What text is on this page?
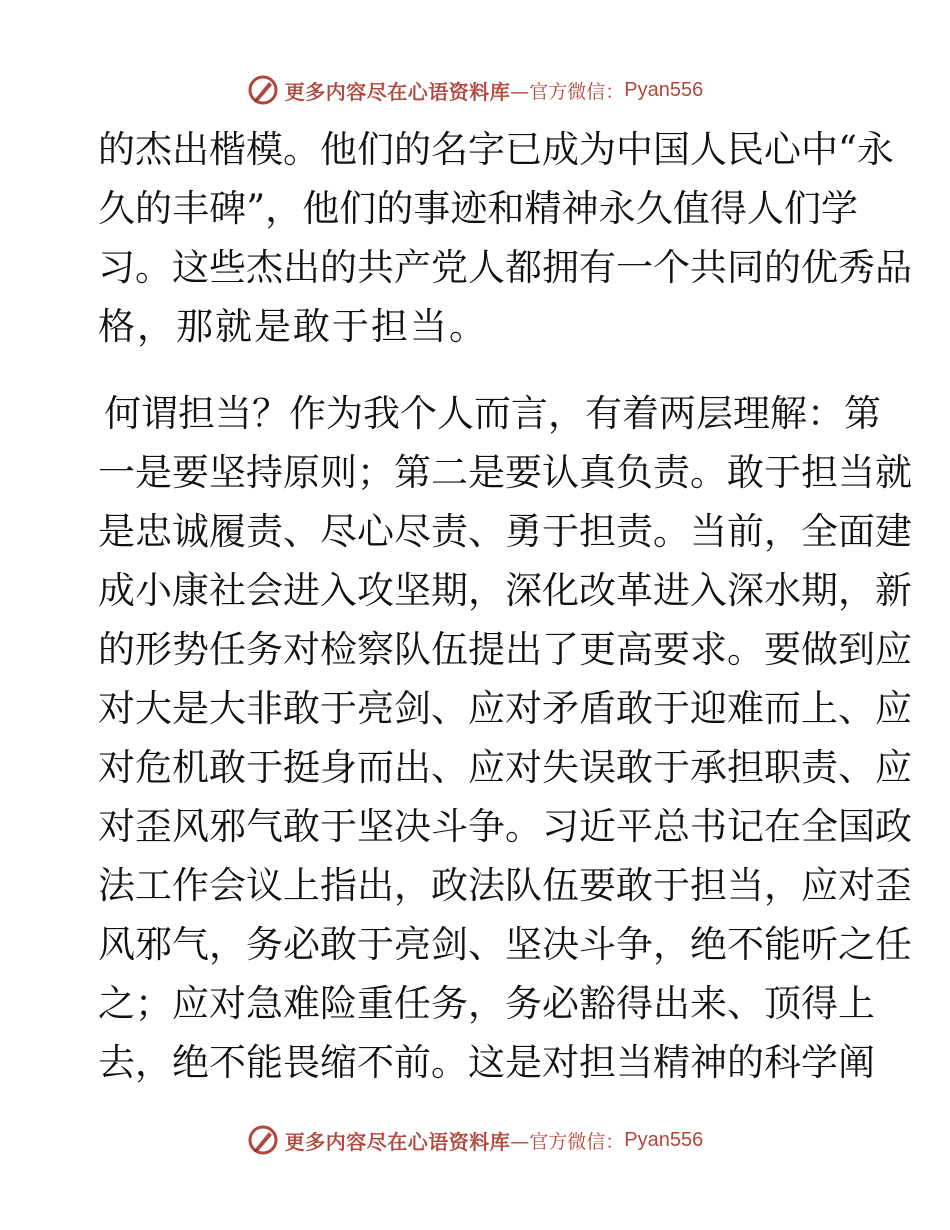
更多内容尽在心语资料库 —官方微信： Pyan556
的杰出楷模。他们的名字已成为中国人民心中“永
久的丰碑”，他们的事迹和精神永久值得人们学
习。这些杰出的共产党人都拥有一个共同的优秀品
格，那就是敢于担当。
何谓担当？作为我个人而言，有着两层理解：第
一是要坚持原则；第二是要认真负责。敢于担当就
是忠诚履责、尽心尽责、勇于担责。当前，全面建
成小康社会进入攻坚期，深化改革进入深水期，新
的形势任务对检察队伍提出了更高要求。要做到应
对大是大非敢于亮剑、应对矛盾敢于迎难而上、应
对危机敢于挺身而出、应对失误敢于承担职责、应
对歪风邪气敢于坚决斗争。习近平总书记在全国政
法工作会议上指出，政法队伍要敢于担当，应对歪
风邪气，务必敢于亮剑、坚决斗争，绝不能听之任
之；应对急难险重任务，务必豁得出来、顶得上
去，绝不能畏缩不前。这是对担当精神的科学阐
更多内容尽在心语资料库 —官方微信： Pyan556
